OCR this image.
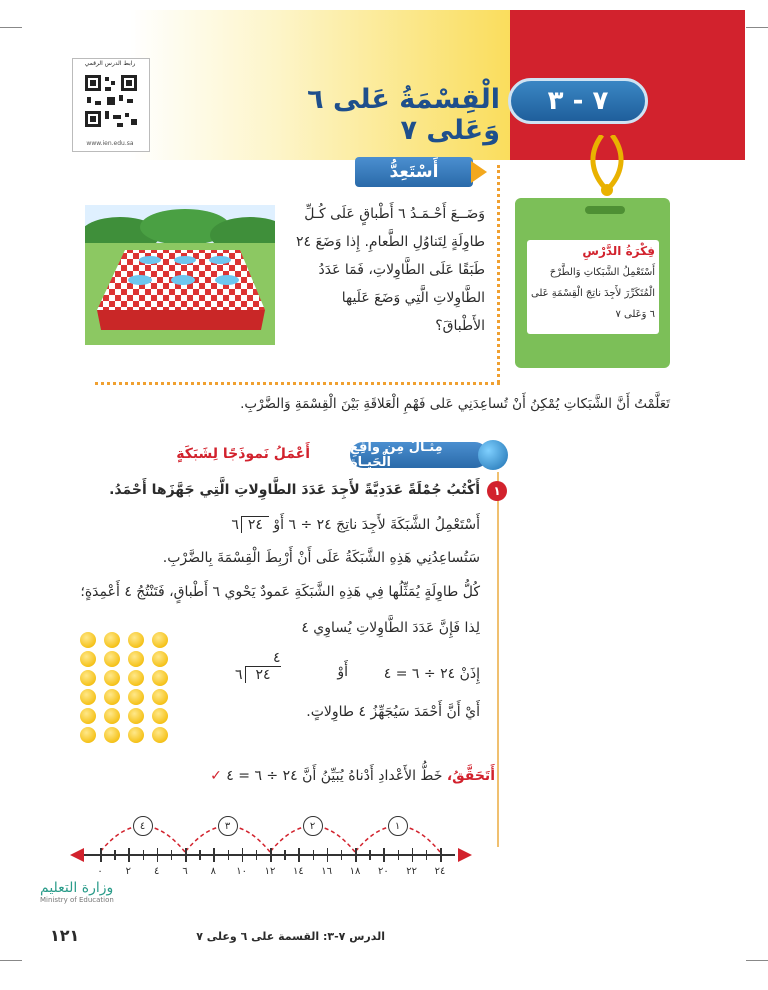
رابط الدرس الرقمي
www.ien.edu.sa
٧ - ٣
الْقِسْمَةُ عَلى ٦ وَعَلى ٧
أَسْتَعِدُّ
وَضَــعَ أَحْـمَـدُ ٦ أَطْباقٍ عَلَى كُـلِّ طاوِلَةٍ لِتَناوُلِ الطَّعامِ. إِذا وَضَعَ ٢٤ طَبَقًا عَلَى الطَّاوِلاتِ، فَمَا عَدَدُ الطَّاوِلاتِ الَّتِي وَضَعَ عَلَيها الأَطْباقَ؟
فِكْرَةُ الدَّرْسِ
أَسْتَعْمِلُ الشَّبَكاتِ وَالطَّرْحَ الْمُتَكَرِّرَ لأَجِدَ ناتِجَ الْقِسْمَةِ عَلى ٦ وَعَلى ٧
تَعَلَّمْتُ أَنَّ الشَّبَكاتِ يُمْكِنُ أَنْ تُساعِدَنِي عَلى فَهْمِ الْعَلاقَةِ بَيْنَ الْقِسْمَةِ وَالضَّرْبِ.
مِثـالٌ مِن واقِعِ الْحَيـاةِ
أَعْمَلُ نَموذَجًا لِشَبَكَةٍ
١
أَكْتُبُ جُمْلَةً عَدَدِيَّةً لأَجِدَ عَدَدَ الطَّاوِلاتِ الَّتِي جَهَّزَها أَحْمَدُ.
أَسْتَعْمِلُ الشَّبَكَةَ لأَجِدَ ناتِجَ ٢٤ ÷ ٦ أَوْ
٦ ٢٤
سَتُساعِدُنِي هَذِهِ الشَّبَكَةُ عَلَى أَنْ أَرْبِطَ الْقِسْمَةَ بِالضَّرْبِ.
كُلُّ طاوِلَةٍ يُمَثِّلُها فِي هَذِهِ الشَّبَكَةِ عَمودٌ يَحْوي ٦ أَطْباقٍ، فَتَنْتُجُ ٤ أَعْمِدَةٍ؛
لِذا فَإِنَّ عَدَدَ الطَّاوِلاتِ يُساوِي ٤
إِذَنْ ٢٤ ÷ ٦ = ٤
أَوْ
٤
٦ ٢٤
أَيْ أَنَّ أَحْمَدَ سَيُجَهِّزُ ٤ طاوِلاتٍ.
أَتَحَقَّقُ، خَطُّ الأَعْدادِ أَدْناهُ يُبَيِّنُ أَنَّ ٢٤ ÷ ٦ = ٤ ✓
٠	٢	٤	٦	٨	١٠	١٢	١٤	١٦	١٨	٢٠	٢٢	٢٤
١
٢
٣
٤
وزارة التعليم
Ministry of Education
الدرس ٧-٣: القسمة على ٦ وعلى ٧
١٢١
